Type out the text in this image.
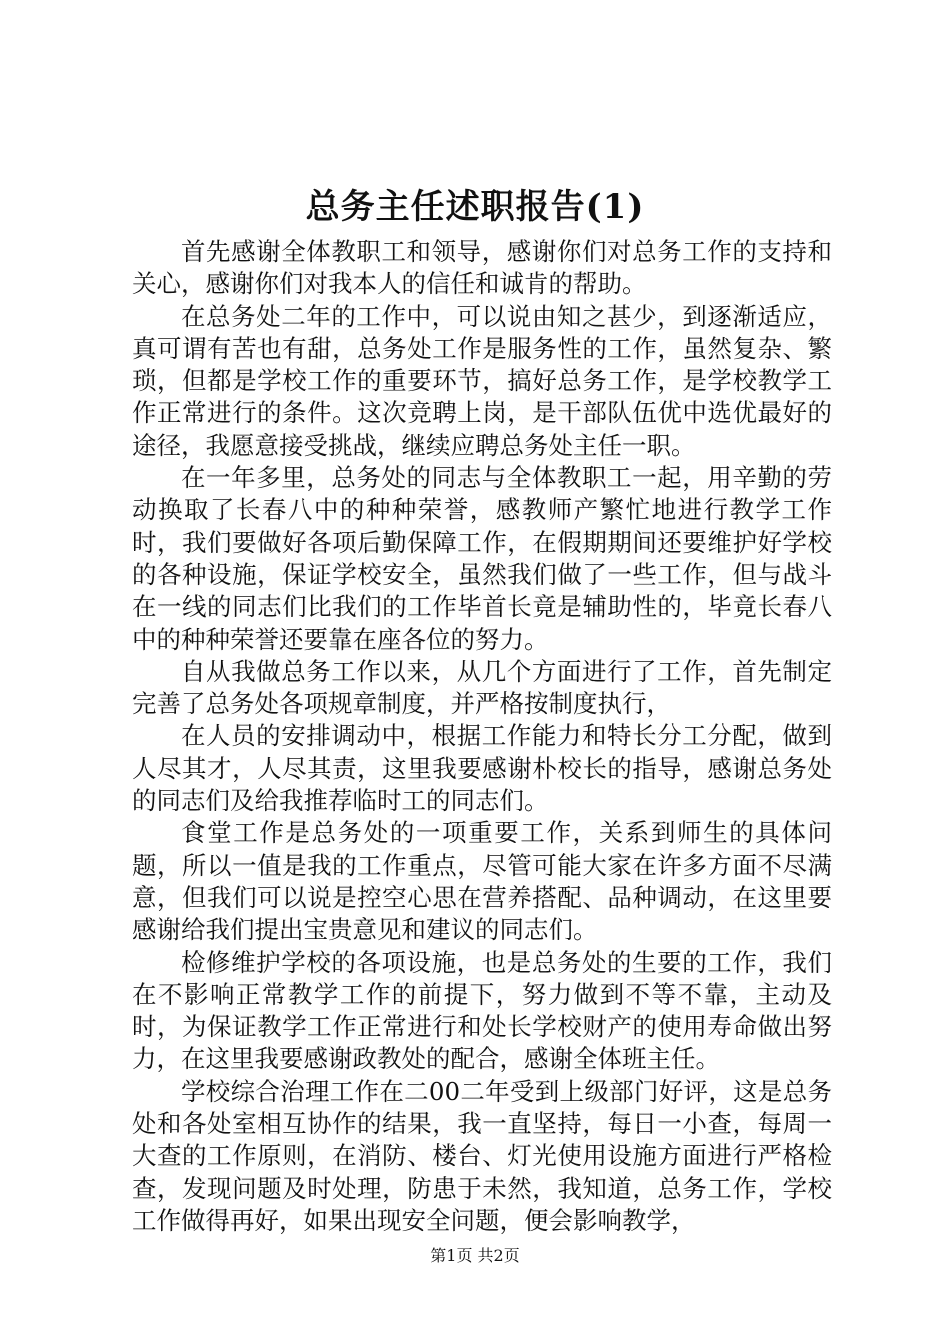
总务主任述职报告(1)

首先感谢全体教职工和领导，感谢你们对总务工作的支持和关心，感谢你们对我本人的信任和诚肯的帮助。

在总务处二年的工作中，可以说由知之甚少，到逐渐适应，真可谓有苦也有甜，总务处工作是服务性的工作，虽然复杂、繁琐，但都是学校工作的重要环节，搞好总务工作，是学校教学工作正常进行的条件。这次竞聘上岗，是干部队伍优中选优最好的途径，我愿意接受挑战，继续应聘总务处主任一职。

在一年多里，总务处的同志与全体教职工一起，用辛勤的劳动换取了长春八中的种种荣誉，感教师产繁忙地进行教学工作时，我们要做好各项后勤保障工作，在假期期间还要维护好学校的各种设施，保证学校安全，虽然我们做了一些工作，但与战斗在一线的同志们比我们的工作毕首长竟是辅助性的，毕竟长春八中的种种荣誉还要靠在座各位的努力。

自从我做总务工作以来，从几个方面进行了工作，首先制定完善了总务处各项规章制度，并严格按制度执行，

在人员的安排调动中，根据工作能力和特长分工分配，做到人尽其才，人尽其责，这里我要感谢朴校长的指导，感谢总务处的同志们及给我推荐临时工的同志们。

食堂工作是总务处的一项重要工作，关系到师生的具体问题，所以一值是我的工作重点，尽管可能大家在许多方面不尽满意，但我们可以说是控空心思在营养搭配、品种调动，在这里要感谢给我们提出宝贵意见和建议的同志们。

检修维护学校的各项设施，也是总务处的生要的工作，我们在不影响正常教学工作的前提下，努力做到不等不靠，主动及时，为保证教学工作正常进行和处长学校财产的使用寿命做出努力，在这里我要感谢政教处的配合，感谢全体班主任。

学校综合治理工作在二00二年受到上级部门好评，这是总务处和各处室相互协作的结果，我一直坚持，每日一小查，每周一大查的工作原则，在消防、楼台、灯光使用设施方面进行严格检查，发现问题及时处理，防患于未然，我知道，总务工作，学校工作做得再好，如果出现安全问题，便会影响教学，

第1页 共2页
